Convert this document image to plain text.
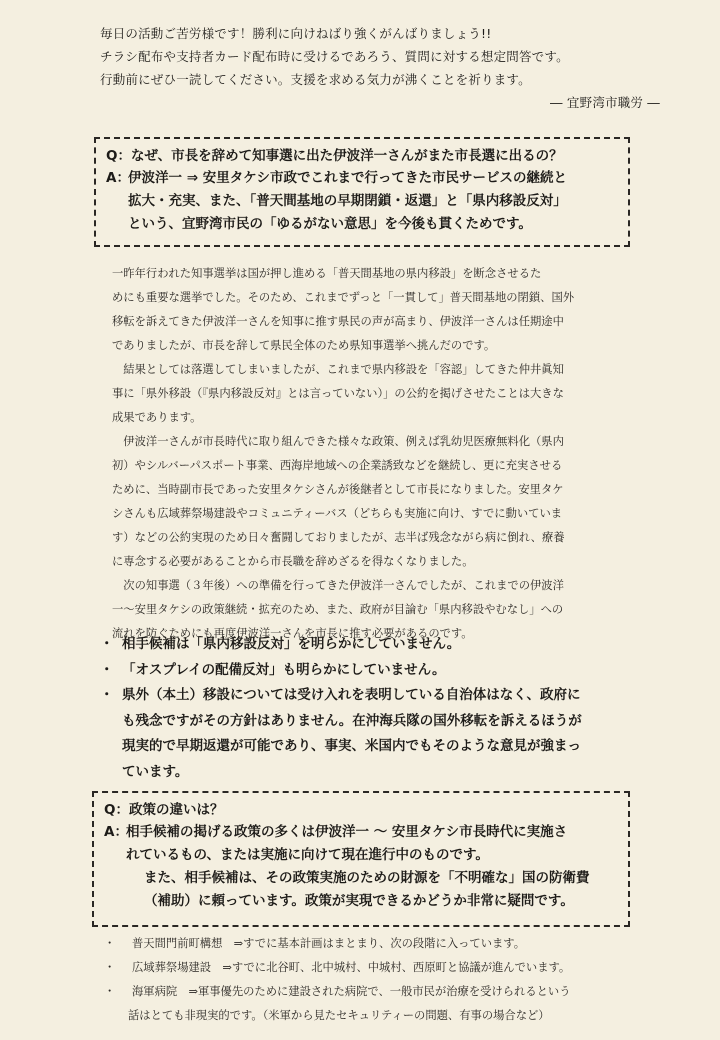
毎日の活動ご苦労様です！勝利に向けねばり強くがんばりましょう!!

チラシ配布や支持者カード配布時に受けるであろう、質問に対する想定問答です。

行動前にぜひ一読してください。支援を求める気力が沸くことを祈ります。

― 宜野湾市職労 ―

Q：なぜ、市長を辞めて知事選に出た伊波洋一さんがまた市長選に出るの？
A：伊波洋一 ⇒ 安里タケシ市政でこれまで行ってきた市民サービスの継続と
拡大・充実、また、「普天間基地の早期閉鎖・返還」と「県内移設反対」
という、宜野湾市民の「ゆるがない意思」を今後も貫くためです。

一昨年行われた知事選挙は国が押し進める「普天間基地の県内移設」を断念させるた

めにも重要な選挙でした。そのため、これまでずっと「一貫して」普天間基地の閉鎖、国外

移転を訴えてきた伊波洋一さんを知事に推す県民の声が高まり、伊波洋一さんは任期途中

でありましたが、市長を辞して県民全体のため県知事選挙へ挑んだのです。

　結果としては落選してしまいましたが、これまで県内移設を「容認」してきた仲井眞知

事に「県外移設（『県内移設反対』とは言っていない）」の公約を掲げさせたことは大きな

成果であります。

　伊波洋一さんが市長時代に取り組んできた様々な政策、例えば乳幼児医療無料化（県内

初）やシルバーパスポート事業、西海岸地域への企業誘致などを継続し、更に充実させる

ために、当時副市長であった安里タケシさんが後継者として市長になりました。安里タケ

シさんも広域葬祭場建設やコミュニティーバス（どちらも実施に向け、すでに動いていま

す）などの公約実現のため日々奮闘しておりましたが、志半ば残念ながら病に倒れ、療養

に専念する必要があることから市長職を辞めざるを得なくなりました。

　次の知事選（３年後）への準備を行ってきた伊波洋一さんでしたが、これまでの伊波洋

一～安里タケシの政策継続・拡充のため、また、政府が目論む「県内移設やむなし」への

流れを防ぐためにも再度伊波洋一さんを市長に推す必要があるのです。

・ 相手候補は「県内移設反対」を明らかにしていません。
・ 「オスプレイの配備反対」も明らかにしていません。
・ 県外（本土）移設については受け入れを表明している自治体はなく、政府に
も残念ですがその方針はありません。在沖海兵隊の国外移転を訴えるほうが
現実的で早期返還が可能であり、事実、米国内でもそのような意見が強まっ
ています。
Q：政策の違いは？
A：相手候補の掲げる政策の多くは伊波洋一 ～ 安里タケシ市長時代に実施さ
れているもの、または実施に向けて現在進行中のものです。
また、相手候補は、その政策実施のための財源を「不明確な」国の防衛費
（補助）に頼っています。政策が実現できるかどうか非常に疑問です。
・	普天間門前町構想　⇒すでに基本計画はまとまり、次の段階に入っています。
・	広域葬祭場建設　⇒すでに北谷町、北中城村、中城村、西原町と協議が進んでいます。
・	海軍病院　⇒軍事優先のために建設された病院で、一般市民が治療を受けられるという
話はとても非現実的です。（米軍から見たセキュリティーの問題、有事の場合など）
